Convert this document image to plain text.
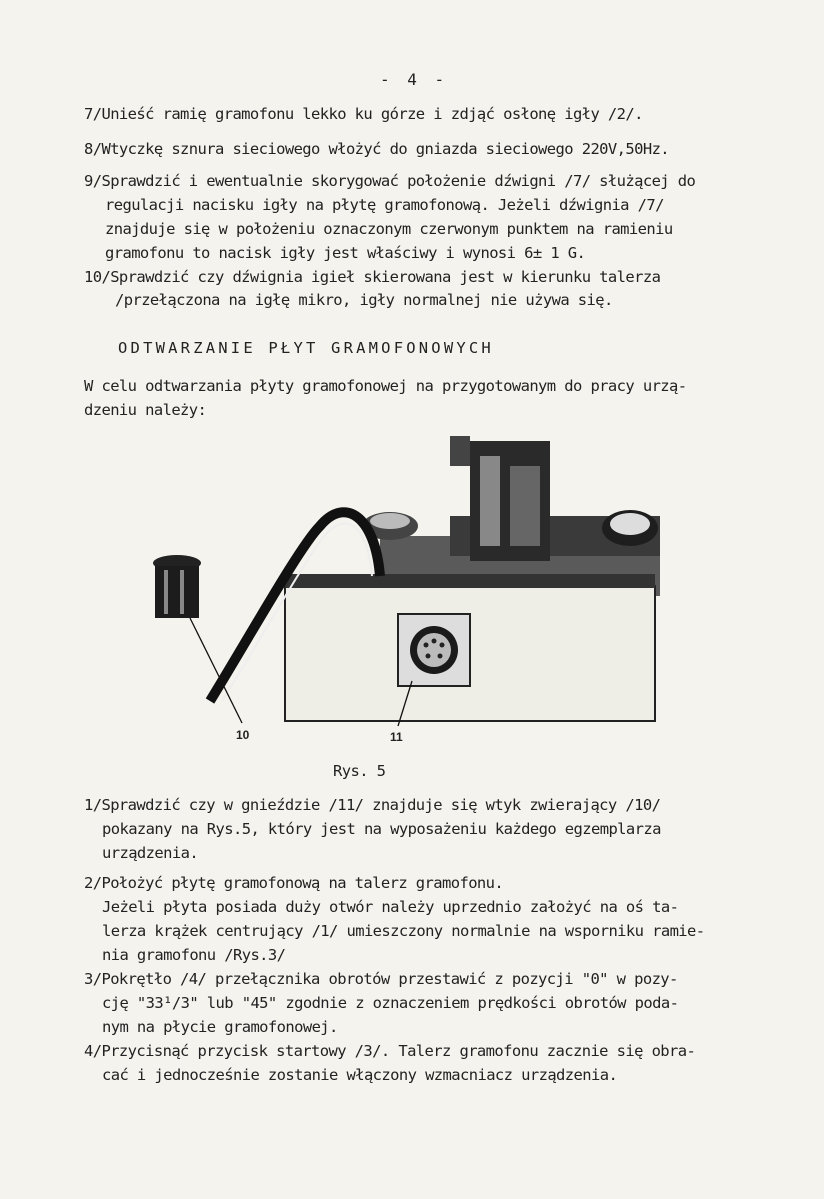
- 4 -
7/Unieść ramię gramofonu lekko ku górze i zdjąć osłonę igły /2/.
8/Wtyczkę sznura sieciowego włożyć do gniazda sieciowego 220V,50Hz.
9/Sprawdzić i ewentualnie skorygować położenie dźwigni /7/ służącej do
regulacji nacisku igły na płytę gramofonową. Jeżeli dźwignia /7/
znajduje się w położeniu oznaczonym czerwonym punktem na ramieniu
gramofonu to nacisk igły jest właściwy i wynosi 6± 1 G.
10/Sprawdzić czy dźwignia igieł skierowana jest w kierunku talerza
/przełączona na igłę mikro, igły normalnej nie używa się.
ODTWARZANIE PŁYT GRAMOFONOWYCH
W celu odtwarzania płyty gramofonowej na przygotowanym do pracy urzą-
dzeniu należy:
10	11
Rys. 5
1/Sprawdzić czy w gnieździe /11/ znajduje się wtyk zwierający /10/
pokazany na Rys.5, który jest na wyposażeniu każdego egzemplarza
urządzenia.
2/Położyć płytę gramofonową na talerz gramofonu.
Jeżeli płyta posiada duży otwór należy uprzednio założyć na oś ta-
lerza krążek centrujący /1/ umieszczony normalnie na wsporniku ramie-
nia gramofonu /Rys.3/
3/Pokrętło /4/ przełącznika obrotów przestawić z pozycji "0" w pozy-
cję "33¹/3" lub "45" zgodnie z oznaczeniem prędkości obrotów poda-
nym na płycie gramofonowej.
4/Przycisnąć przycisk startowy /3/. Talerz gramofonu zacznie się obra-
cać i jednocześnie zostanie włączony wzmacniacz urządzenia.
